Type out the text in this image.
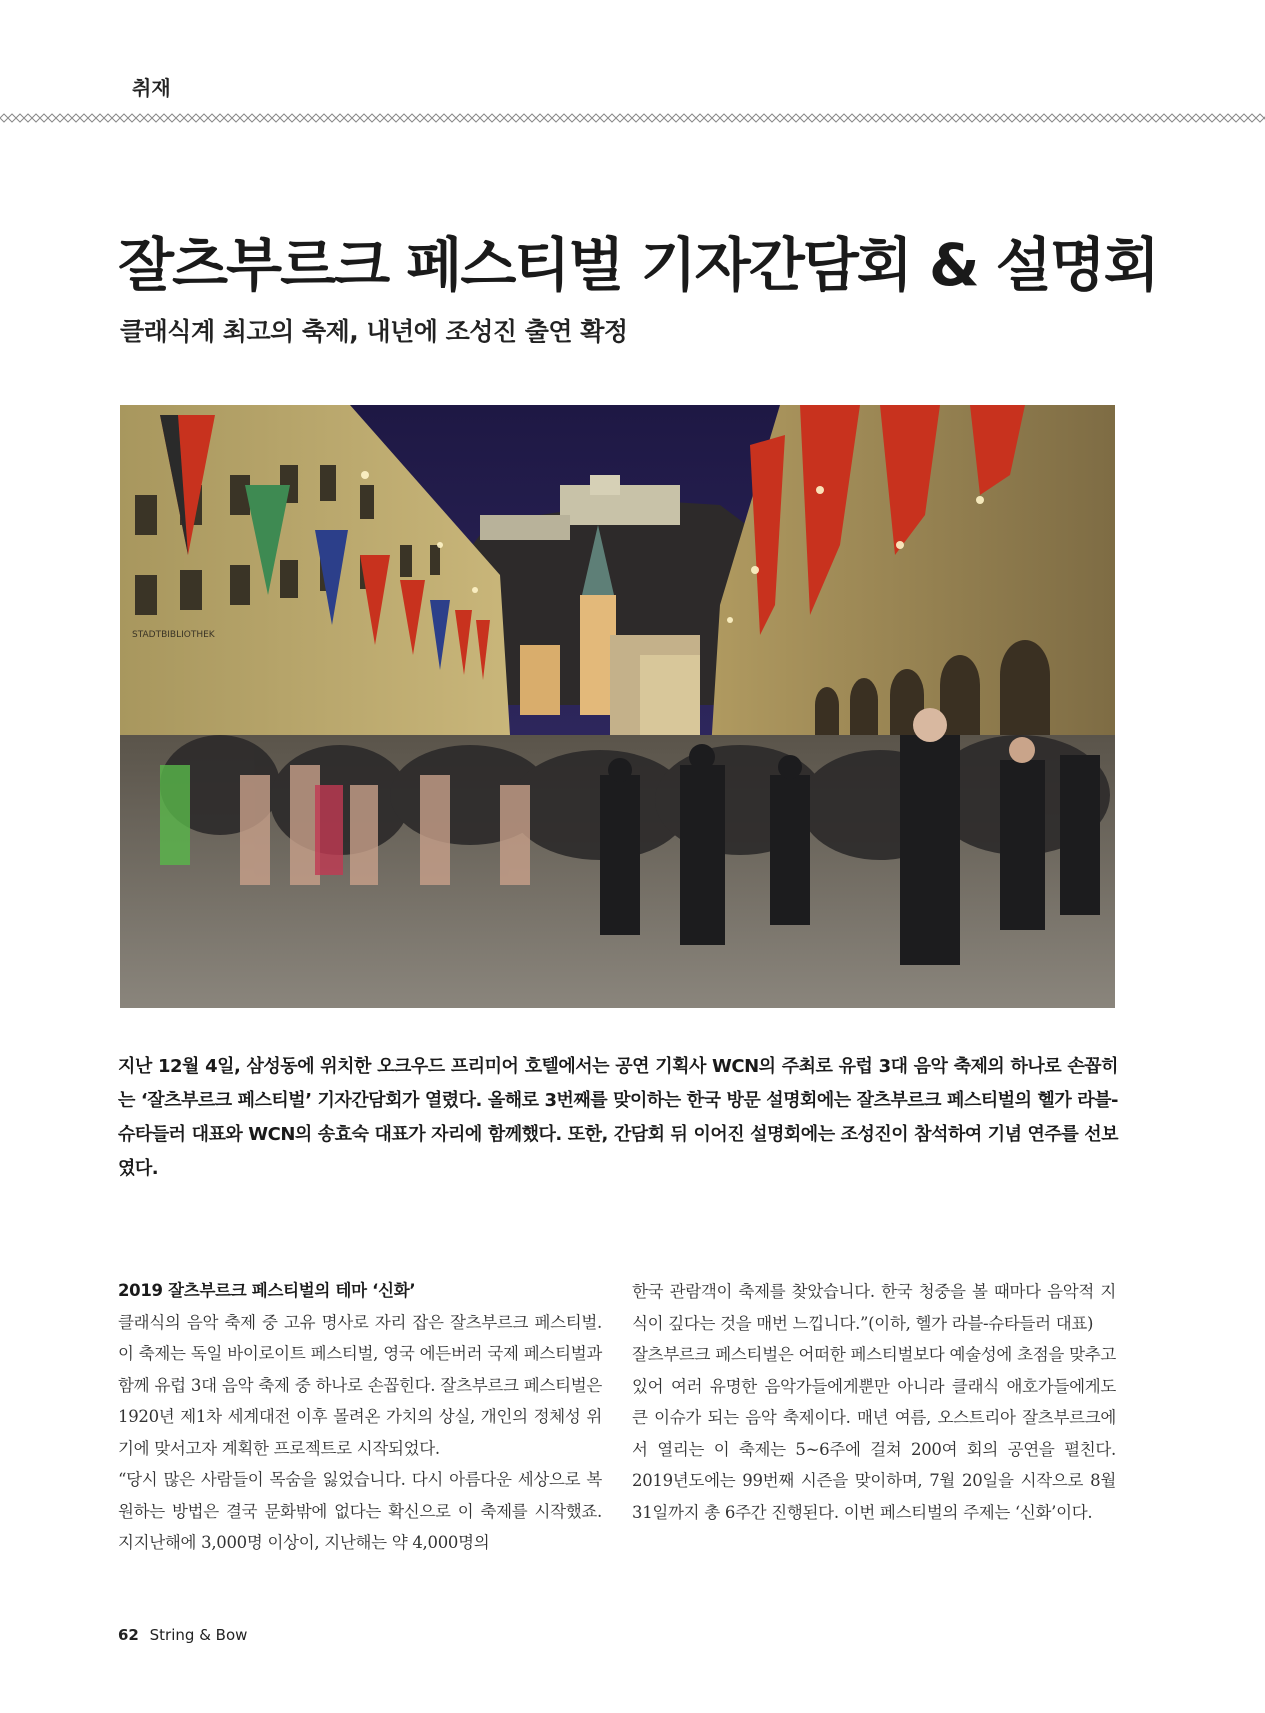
취재
잘츠부르크 페스티벌 기자간담회 & 설명회
클래식계 최고의 축제, 내년에 조성진 출연 확정
STADTBIBLIOTHEK

지난 12월 4일, 삼성동에 위치한 오크우드 프리미어 호텔에서는 공연 기획사 WCN의 주최로 유럽 3대 음악 축제의 하나로 손꼽히는 ‘잘츠부르크 페스티벌’ 기자간담회가 열렸다. 올해로 3번째를 맞이하는 한국 방문 설명회에는 잘츠부르크 페스티벌의 헬가 라블-슈타들러 대표와 WCN의 송효숙 대표가 자리에 함께했다. 또한, 간담회 뒤 이어진 설명회에는 조성진이 참석하여 기념 연주를 선보였다.

2019 잘츠부르크 페스티벌의 테마 ‘신화’

클래식의 음악 축제 중 고유 명사로 자리 잡은 잘츠부르크 페스티벌. 이 축제는 독일 바이로이트 페스티벌, 영국 에든버러 국제 페스티벌과 함께 유럽 3대 음악 축제 중 하나로 손꼽힌다. 잘츠부르크 페스티벌은 1920년 제1차 세계대전 이후 몰려온 가치의 상실, 개인의 정체성 위기에 맞서고자 계획한 프로젝트로 시작되었다.

“당시 많은 사람들이 목숨을 잃었습니다. 다시 아름다운 세상으로 복원하는 방법은 결국 문화밖에 없다는 확신으로 이 축제를 시작했죠. 지지난해에 3,000명 이상이, 지난해는 약 4,000명의

한국 관람객이 축제를 찾았습니다. 한국 청중을 볼 때마다 음악적 지식이 깊다는 것을 매번 느낍니다.”(이하, 헬가 라블-슈타들러 대표)

잘츠부르크 페스티벌은 어떠한 페스티벌보다 예술성에 초점을 맞추고 있어 여러 유명한 음악가들에게뿐만 아니라 클래식 애호가들에게도 큰 이슈가 되는 음악 축제이다. 매년 여름, 오스트리아 잘츠부르크에서 열리는 이 축제는 5~6주에 걸쳐 200여 회의 공연을 펼친다. 2019년도에는 99번째 시즌을 맞이하며, 7월 20일을 시작으로 8월 31일까지 총 6주간 진행된다. 이번 페스티벌의 주제는 ‘신화’이다.

62 String & Bow
